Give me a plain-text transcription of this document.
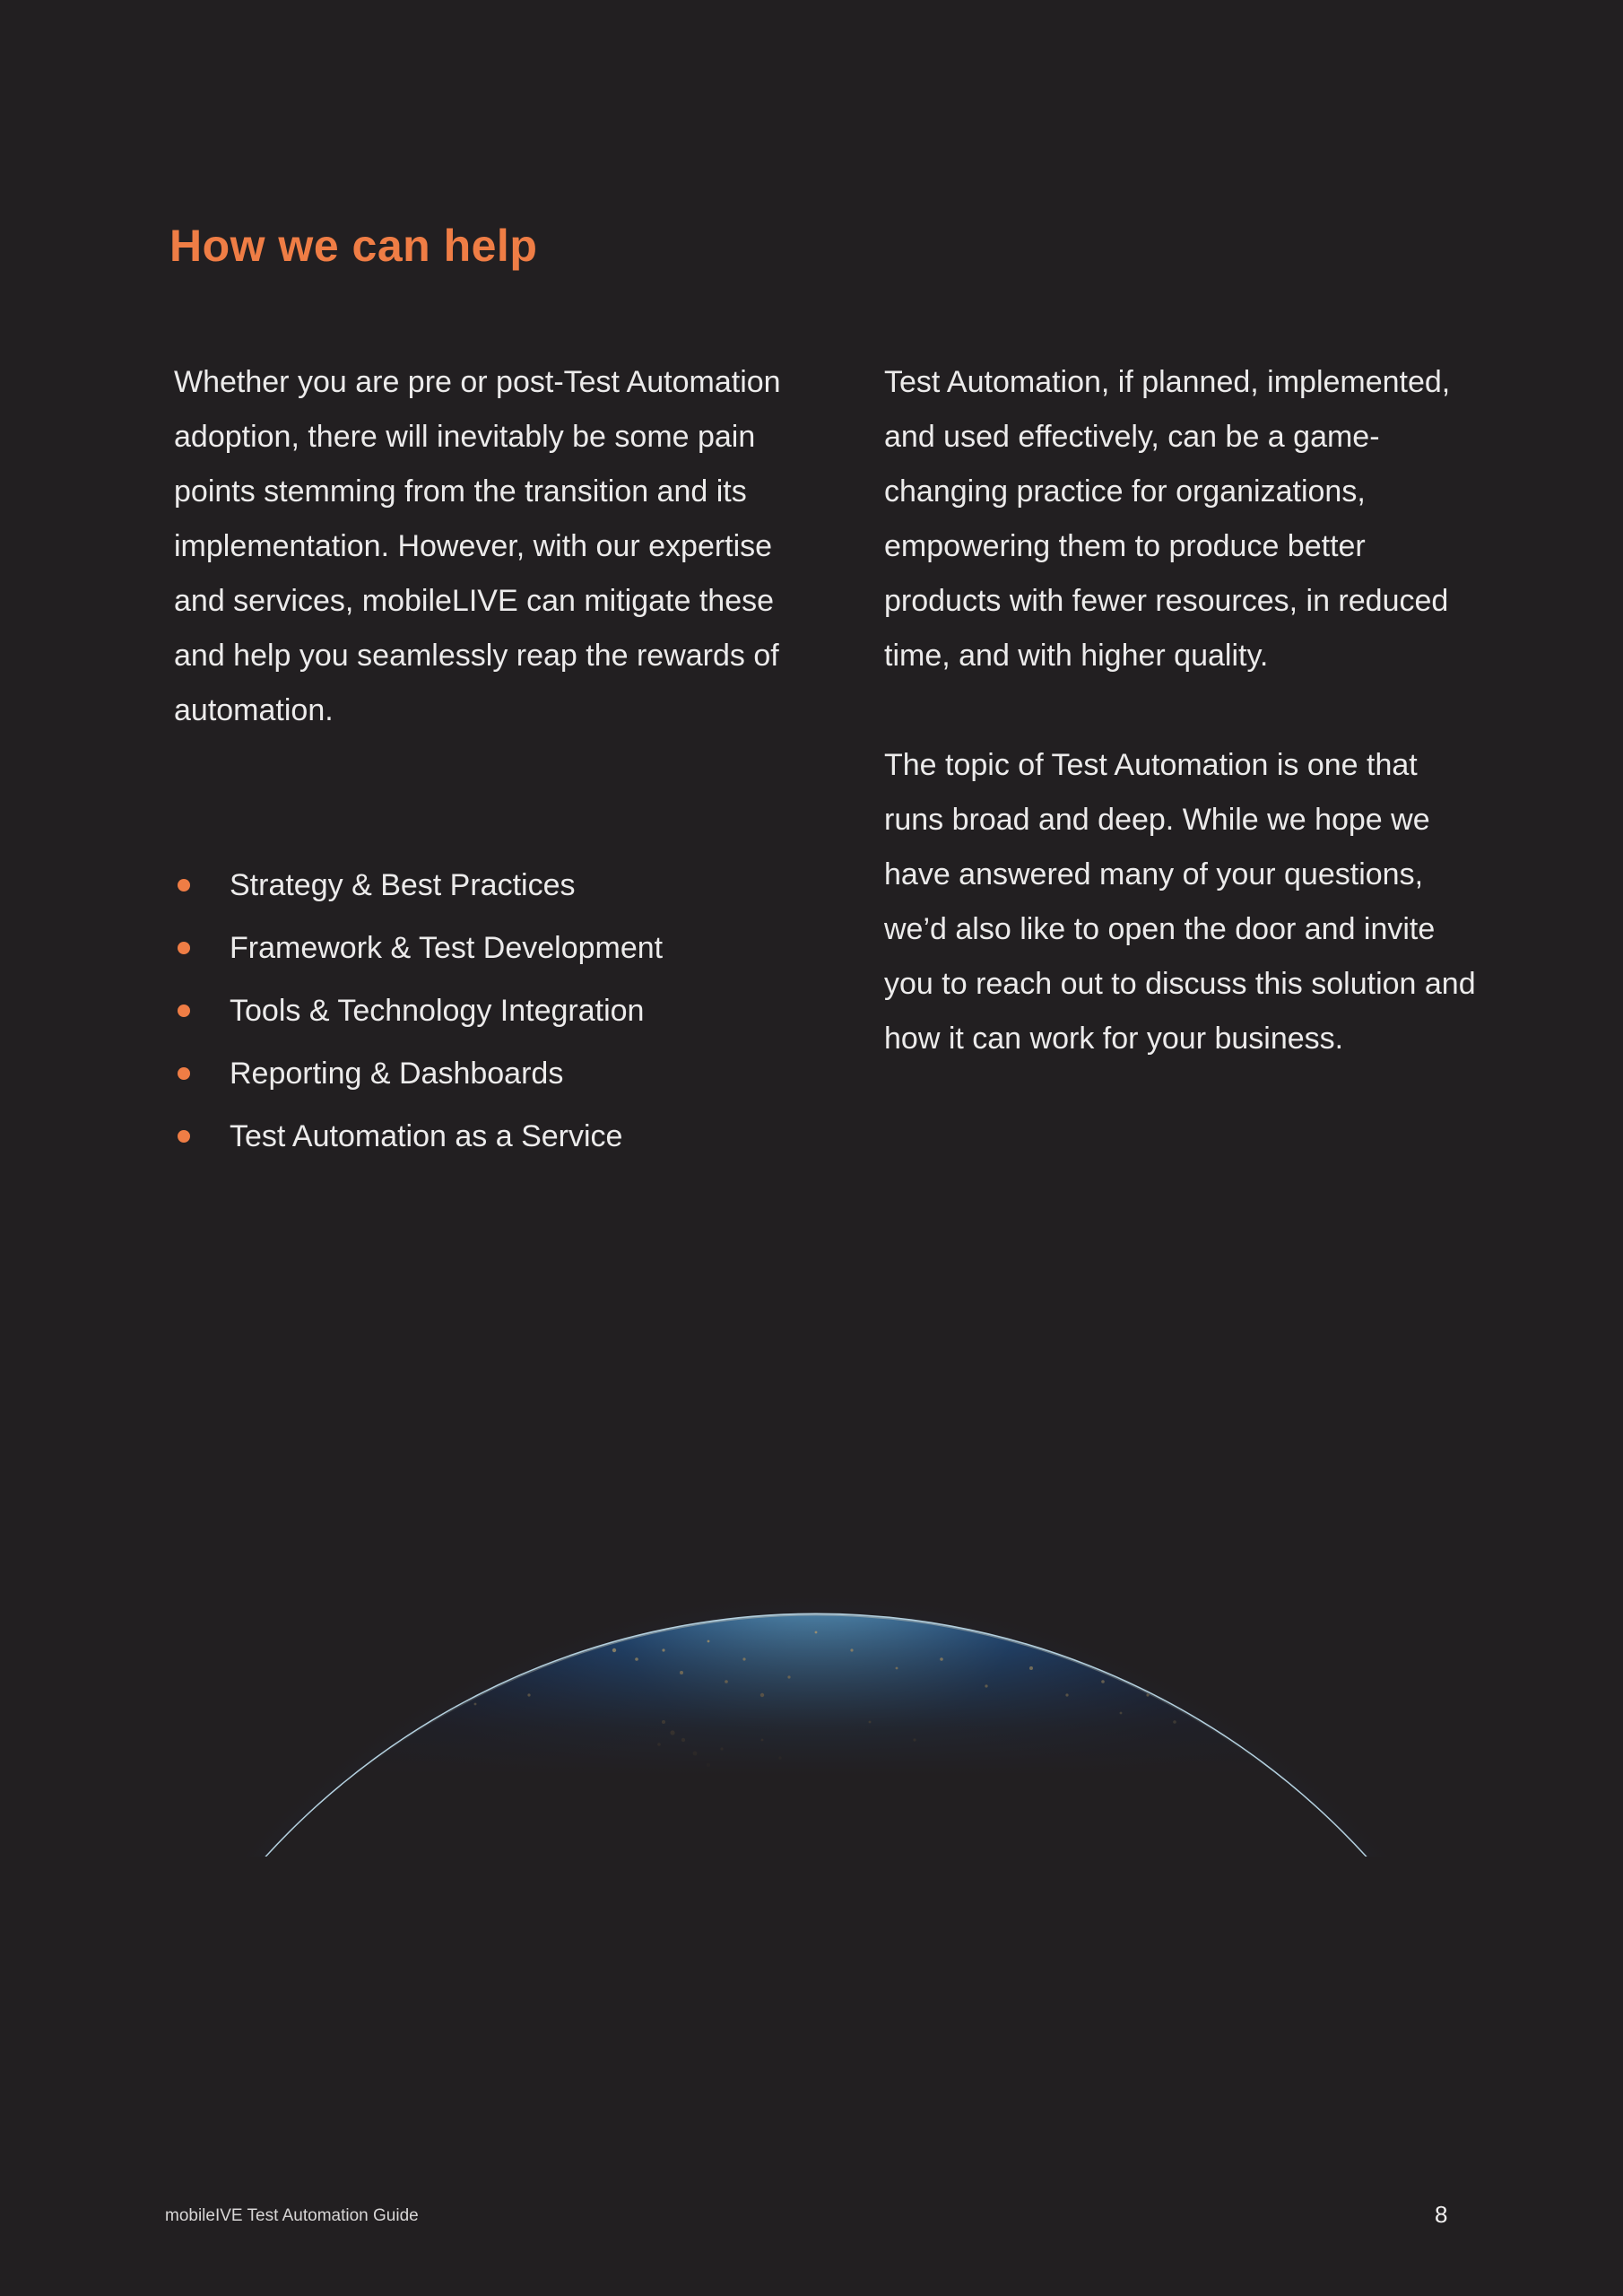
How we can help

Whether you are pre or post-Test Automation adoption, there will inevitably be some pain points stemming from the transition and its implementation. However, with our expertise and services, mobileLIVE can mitigate these and help you seamlessly reap the rewards of automation.

Strategy & Best Practices
Framework & Test Development
Tools & Technology Integration
Reporting & Dashboards
Test Automation as a Service

Test Automation, if planned, implemented, and used effectively, can be a game-changing practice for organizations, empowering them to produce better products with fewer resources, in reduced time, and with higher quality.

The topic of Test Automation is one that runs broad and deep. While we hope we have answered many of your questions, we’d also like to open the door and invite you to reach out to discuss this solution and how it can work for your business.

mobileIVE Test Automation Guide	8
